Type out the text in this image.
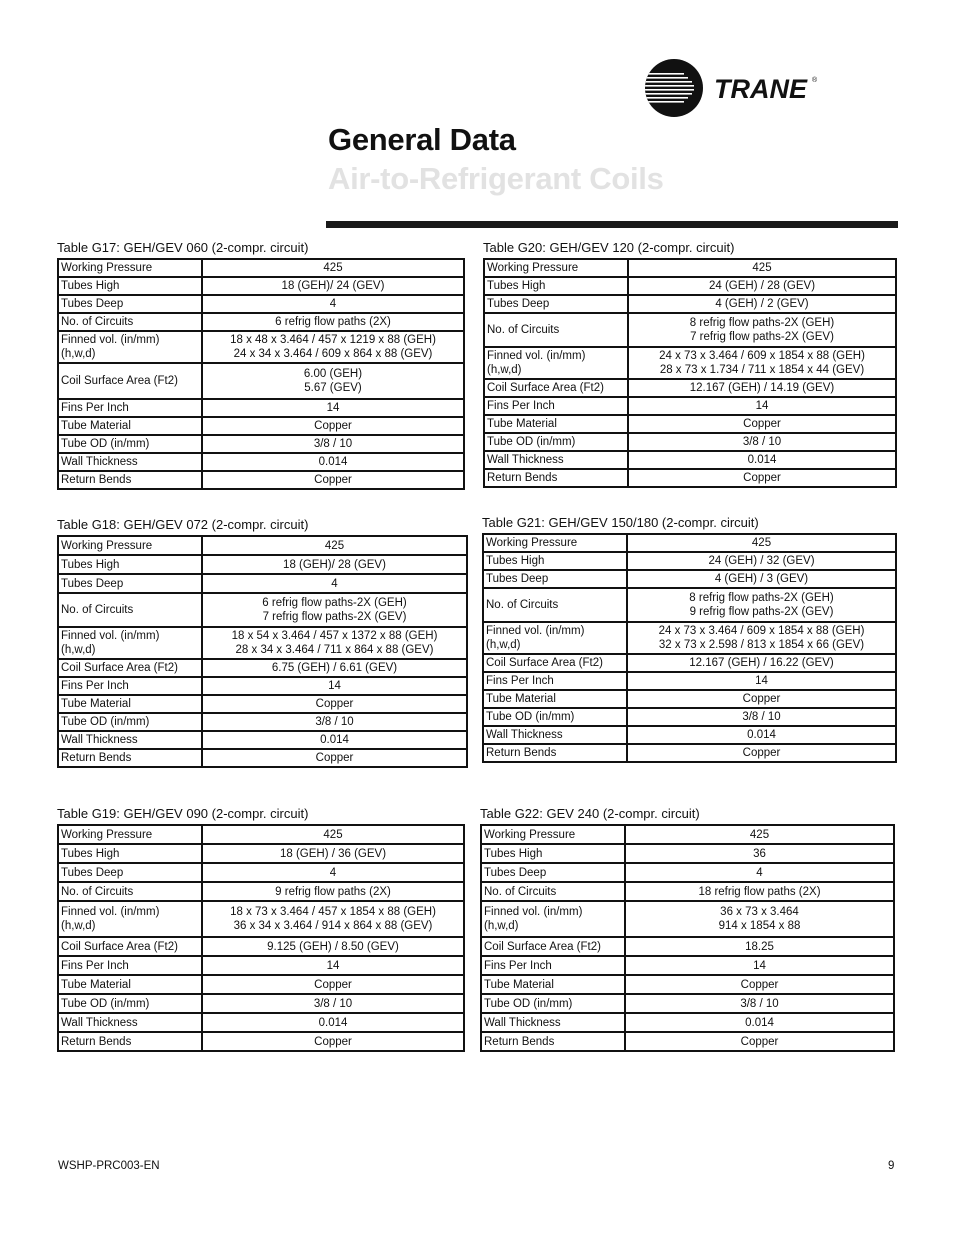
TRANE ®
General Data
Air-to-Refrigerant Coils
Table G17: GEH/GEV 060 (2-compr. circuit)
Working Pressure	425
Tubes High	18 (GEH)/ 24 (GEV)
Tubes Deep	4
No. of Circuits	6 refrig flow paths (2X)
Finned vol. (in/mm)
(h,w,d)	18 x 48 x 3.464 / 457 x 1219 x 88 (GEH)
24 x 34 x 3.464 / 609 x 864 x 88 (GEV)
Coil Surface Area (Ft2)	6.00 (GEH)
5.67 (GEV)
Fins Per Inch	14
Tube Material	Copper
Tube OD (in/mm)	3/8 / 10
Wall Thickness	0.014
Return Bends	Copper
Table G20: GEH/GEV 120 (2-compr. circuit)
Working Pressure	425
Tubes High	24 (GEH) / 28 (GEV)
Tubes Deep	4 (GEH) / 2 (GEV)
No. of Circuits	8 refrig flow paths-2X (GEH)
7 refrig flow paths-2X (GEV)
Finned vol. (in/mm)
(h,w,d)	24 x 73 x 3.464 / 609 x 1854 x 88 (GEH)
28 x 73 x 1.734 / 711 x 1854 x 44 (GEV)
Coil Surface Area (Ft2)	12.167 (GEH) / 14.19 (GEV)
Fins Per Inch	14
Tube Material	Copper
Tube OD (in/mm)	3/8 / 10
Wall Thickness	0.014
Return Bends	Copper
Table G18: GEH/GEV 072 (2-compr. circuit)
Working Pressure	425
Tubes High	18 (GEH)/ 28 (GEV)
Tubes Deep	4
No. of Circuits	6 refrig flow paths-2X (GEH)
7 refrig flow paths-2X (GEV)
Finned vol. (in/mm)
(h,w,d)	18 x 54 x 3.464 / 457 x 1372 x 88 (GEH)
28 x 34 x 3.464 / 711 x 864 x 88 (GEV)
Coil Surface Area (Ft2)	6.75 (GEH) / 6.61 (GEV)
Fins Per Inch	14
Tube Material	Copper
Tube OD (in/mm)	3/8 / 10
Wall Thickness	0.014
Return Bends	Copper
Table G21: GEH/GEV 150/180 (2-compr. circuit)
Working Pressure	425
Tubes High	24 (GEH) / 32 (GEV)
Tubes Deep	4 (GEH) / 3 (GEV)
No. of Circuits	8 refrig flow paths-2X (GEH)
9 refrig flow paths-2X (GEV)
Finned vol. (in/mm)
(h,w,d)	24 x 73 x 3.464 / 609 x 1854 x 88 (GEH)
32 x 73 x 2.598 / 813 x 1854 x 66 (GEV)
Coil Surface Area (Ft2)	12.167 (GEH) / 16.22 (GEV)
Fins Per Inch	14
Tube Material	Copper
Tube OD (in/mm)	3/8 / 10
Wall Thickness	0.014
Return Bends	Copper
Table G19: GEH/GEV 090 (2-compr. circuit)
Working Pressure	425
Tubes High	18 (GEH) / 36 (GEV)
Tubes Deep	4
No. of Circuits	9 refrig flow paths (2X)
Finned vol. (in/mm)
(h,w,d)	18 x 73 x 3.464 / 457 x 1854 x 88 (GEH)
36 x 34 x 3.464 / 914 x 864 x 88 (GEV)
Coil Surface Area (Ft2)	9.125 (GEH) / 8.50 (GEV)
Fins Per Inch	14
Tube Material	Copper
Tube OD (in/mm)	3/8 / 10
Wall Thickness	0.014
Return Bends	Copper
Table G22: GEV 240 (2-compr. circuit)
Working Pressure	425
Tubes High	36
Tubes Deep	4
No. of Circuits	18 refrig flow paths (2X)
Finned vol. (in/mm)
(h,w,d)	36 x 73 x 3.464
914 x 1854 x 88
Coil Surface Area (Ft2)	18.25
Fins Per Inch	14
Tube Material	Copper
Tube OD (in/mm)	3/8 / 10
Wall Thickness	0.014
Return Bends	Copper
WSHP-PRC003-EN	9
